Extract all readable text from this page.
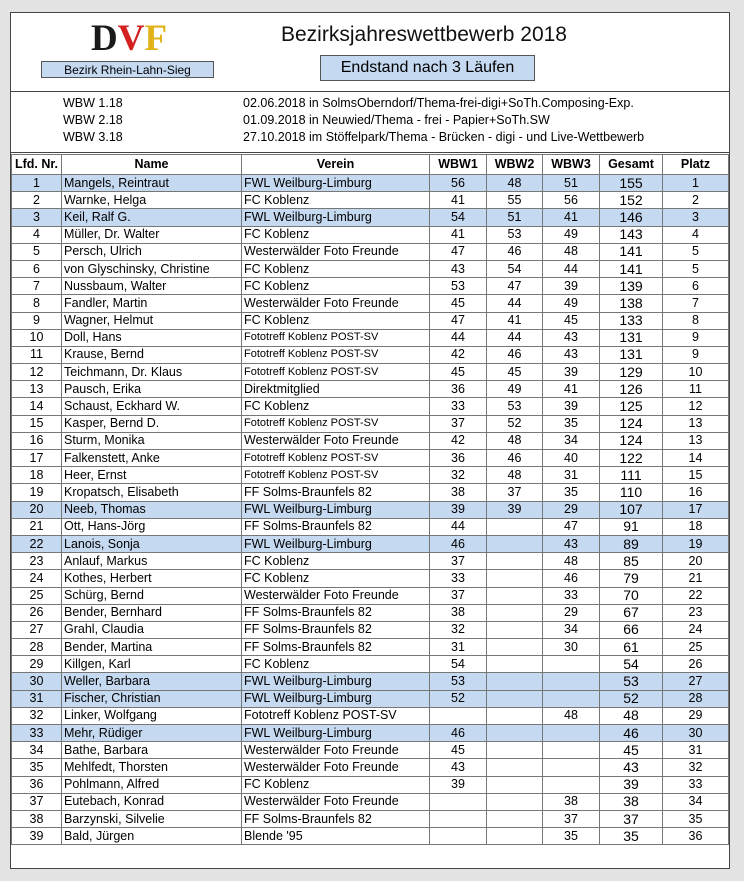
DVF
Bezirk Rhein-Lahn-Sieg
Bezirksjahreswettbewerb 2018
Endstand nach 3 Läufen
WBW 1.18	02.06.2018 in SolmsOberndorf/Thema-frei-digi+SoTh.Composing-Exp.
WBW 2.18	01.09.2018 in Neuwied/Thema - frei - Papier+SoTh.SW
WBW 3.18	27.10.2018 im Stöffelpark/Thema - Brücken - digi - und Live-Wettbewerb
Lfd. Nr.	Name	Verein	WBW1	WBW2	WBW3	Gesamt	Platz
1	Mangels, Reintraut	FWL Weilburg-Limburg	56	48	51	155	1
2	Warnke, Helga	FC Koblenz	41	55	56	152	2
3	Keil, Ralf G.	FWL Weilburg-Limburg	54	51	41	146	3
4	Müller, Dr. Walter	FC Koblenz	41	53	49	143	4
5	Persch, Ulrich	Westerwälder Foto Freunde	47	46	48	141	5
6	von Glyschinsky, Christine	FC Koblenz	43	54	44	141	5
7	Nussbaum, Walter	FC Koblenz	53	47	39	139	6
8	Fandler, Martin	Westerwälder Foto Freunde	45	44	49	138	7
9	Wagner, Helmut	FC Koblenz	47	41	45	133	8
10	Doll, Hans	Fototreff Koblenz POST-SV	44	44	43	131	9
11	Krause, Bernd	Fototreff Koblenz POST-SV	42	46	43	131	9
12	Teichmann, Dr. Klaus	Fototreff Koblenz POST-SV	45	45	39	129	10
13	Pausch, Erika	Direktmitglied	36	49	41	126	11
14	Schaust, Eckhard W.	FC Koblenz	33	53	39	125	12
15	Kasper, Bernd D.	Fototreff Koblenz POST-SV	37	52	35	124	13
16	Sturm, Monika	Westerwälder Foto Freunde	42	48	34	124	13
17	Falkenstett, Anke	Fototreff Koblenz POST-SV	36	46	40	122	14
18	Heer, Ernst	Fototreff Koblenz POST-SV	32	48	31	111	15
19	Kropatsch, Elisabeth	FF Solms-Braunfels 82	38	37	35	110	16
20	Neeb, Thomas	FWL Weilburg-Limburg	39	39	29	107	17
21	Ott, Hans-Jörg	FF Solms-Braunfels 82	44		47	91	18
22	Lanois, Sonja	FWL Weilburg-Limburg	46		43	89	19
23	Anlauf, Markus	FC Koblenz	37		48	85	20
24	Kothes, Herbert	FC Koblenz	33		46	79	21
25	Schürg, Bernd	Westerwälder Foto Freunde	37		33	70	22
26	Bender, Bernhard	FF Solms-Braunfels 82	38		29	67	23
27	Grahl, Claudia	FF Solms-Braunfels 82	32		34	66	24
28	Bender, Martina	FF Solms-Braunfels 82	31		30	61	25
29	Killgen, Karl	FC Koblenz	54			54	26
30	Weller, Barbara	FWL Weilburg-Limburg	53			53	27
31	Fischer, Christian	FWL Weilburg-Limburg	52			52	28
32	Linker, Wolfgang	Fototreff Koblenz POST-SV			48	48	29
33	Mehr, Rüdiger	FWL Weilburg-Limburg	46			46	30
34	Bathe, Barbara	Westerwälder Foto Freunde	45			45	31
35	Mehlfedt, Thorsten	Westerwälder Foto Freunde	43			43	32
36	Pohlmann, Alfred	FC Koblenz	39			39	33
37	Eutebach, Konrad	Westerwälder Foto Freunde			38	38	34
38	Barzynski, Silvelie	FF Solms-Braunfels 82			37	37	35
39	Bald, Jürgen	Blende '95			35	35	36
